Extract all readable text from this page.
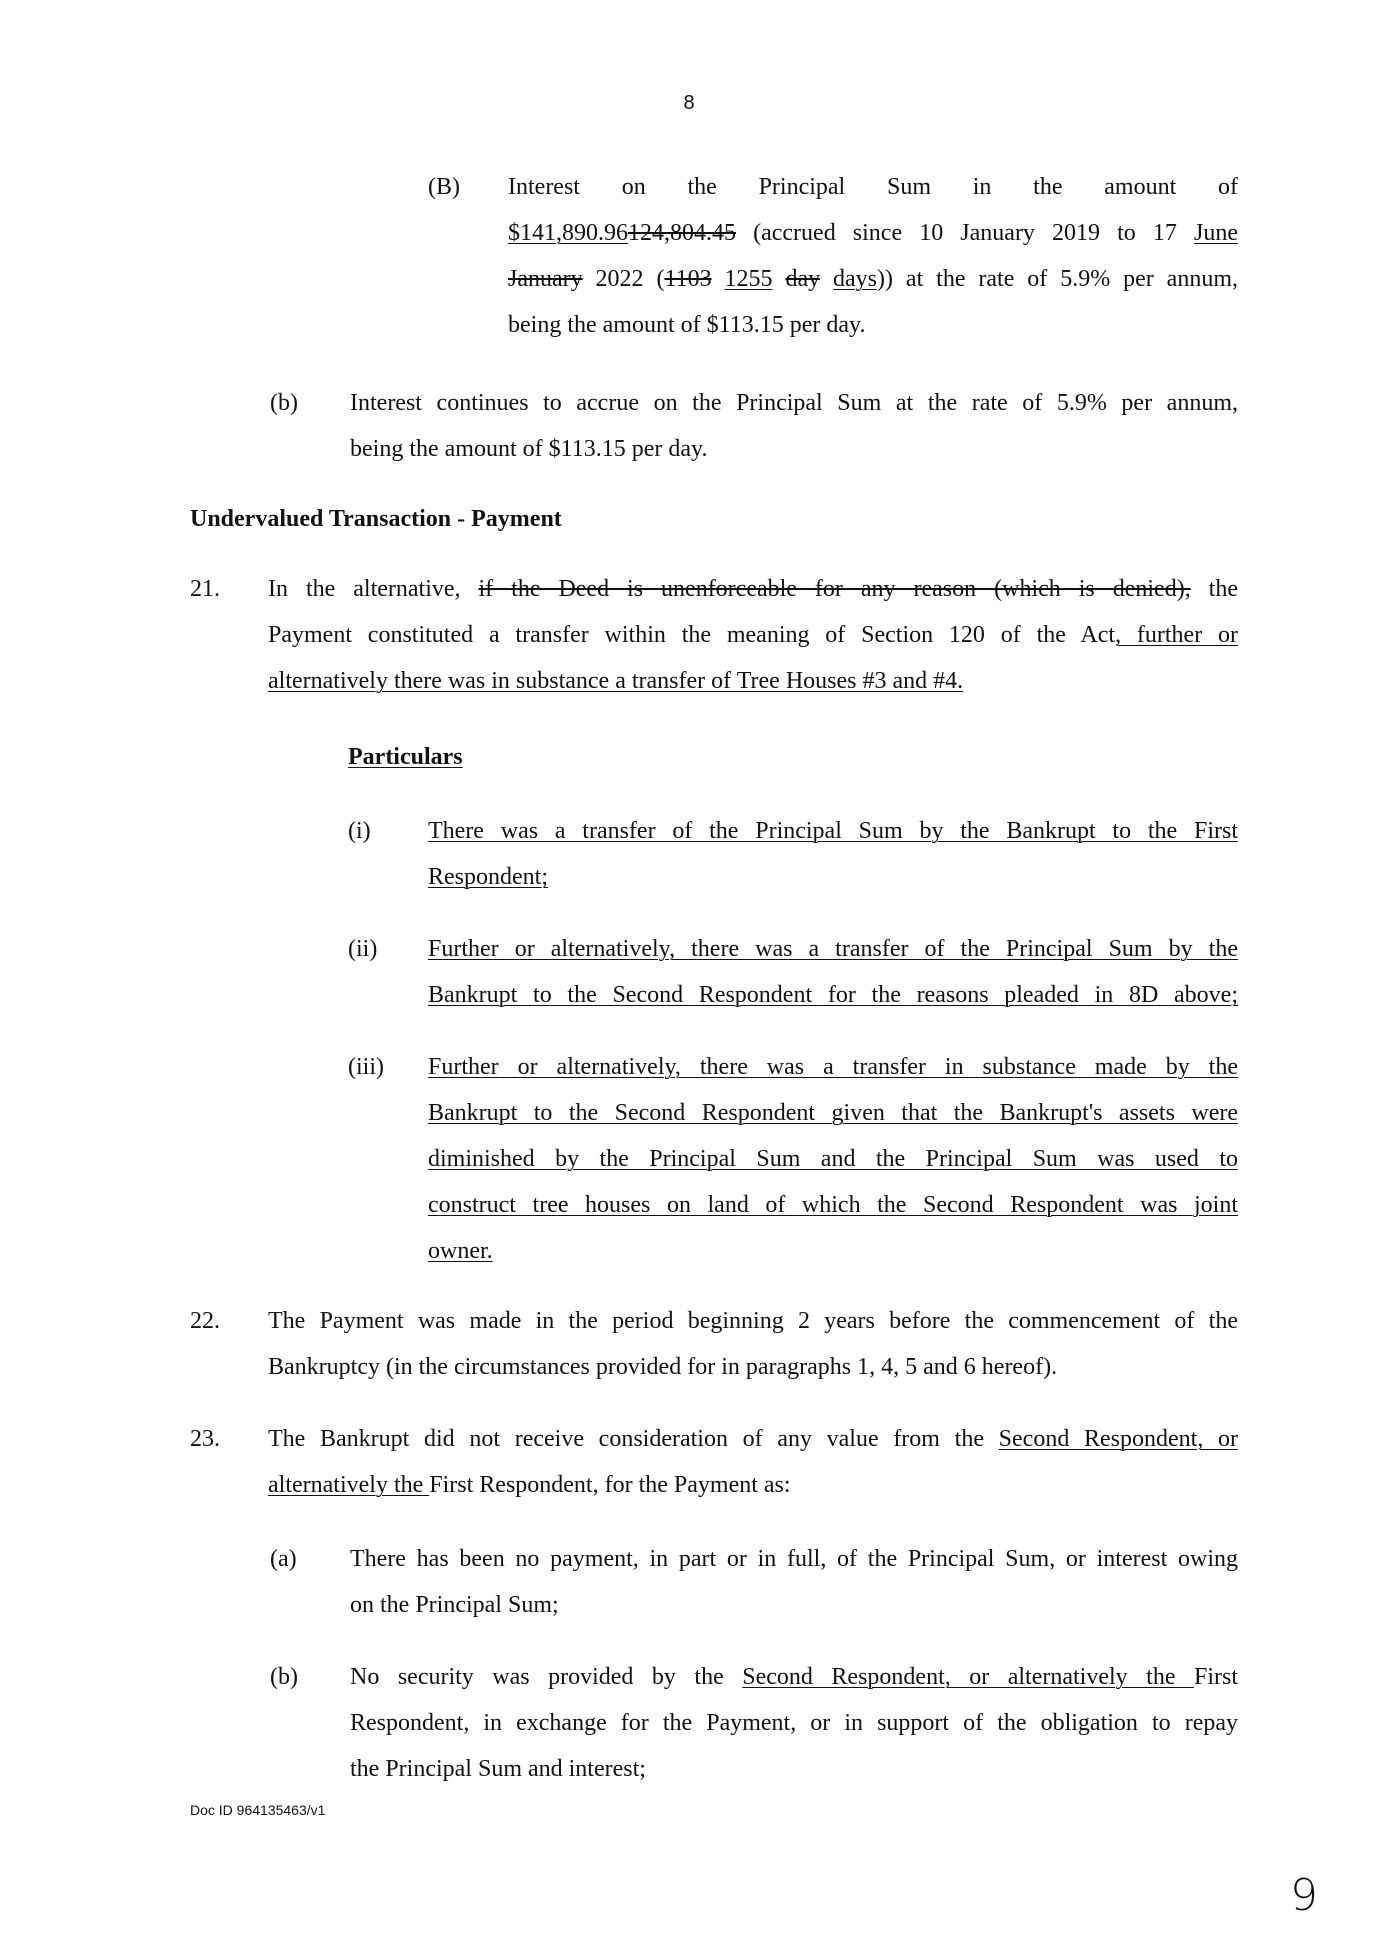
8
(B) Interest on the Principal Sum in the amount of
$141,890.96124,804.45 (accrued since 10 January 2019 to 17 June
January 2022 (1103 1255 day days)) at the rate of 5.9% per annum,
being the amount of $113.15 per day.
(b) Interest continues to accrue on the Principal Sum at the rate of 5.9% per annum,
being the amount of $113.15 per day.
Undervalued Transaction - Payment
21. In the alternative, if the Deed is unenforceable for any reason (which is denied), the
Payment constituted a transfer within the meaning of Section 120 of the Act, further or
alternatively there was in substance a transfer of Tree Houses #3 and #4.
Particulars
(i) There was a transfer of the Principal Sum by the Bankrupt to the First
Respondent;
(ii) Further or alternatively, there was a transfer of the Principal Sum by the
Bankrupt to the Second Respondent for the reasons pleaded in 8D above;
(iii) Further or alternatively, there was a transfer in substance made by the
Bankrupt to the Second Respondent given that the Bankrupt's assets were
diminished by the Principal Sum and the Principal Sum was used to
construct tree houses on land of which the Second Respondent was joint
owner.
22. The Payment was made in the period beginning 2 years before the commencement of the
Bankruptcy (in the circumstances provided for in paragraphs 1, 4, 5 and 6 hereof).
23. The Bankrupt did not receive consideration of any value from the Second Respondent, or
alternatively the First Respondent, for the Payment as:
(a) There has been no payment, in part or in full, of the Principal Sum, or interest owing
on the Principal Sum;
(b) No security was provided by the Second Respondent, or alternatively the First
Respondent, in exchange for the Payment, or in support of the obligation to repay
the Principal Sum and interest;
Doc ID 964135463/v1
9
